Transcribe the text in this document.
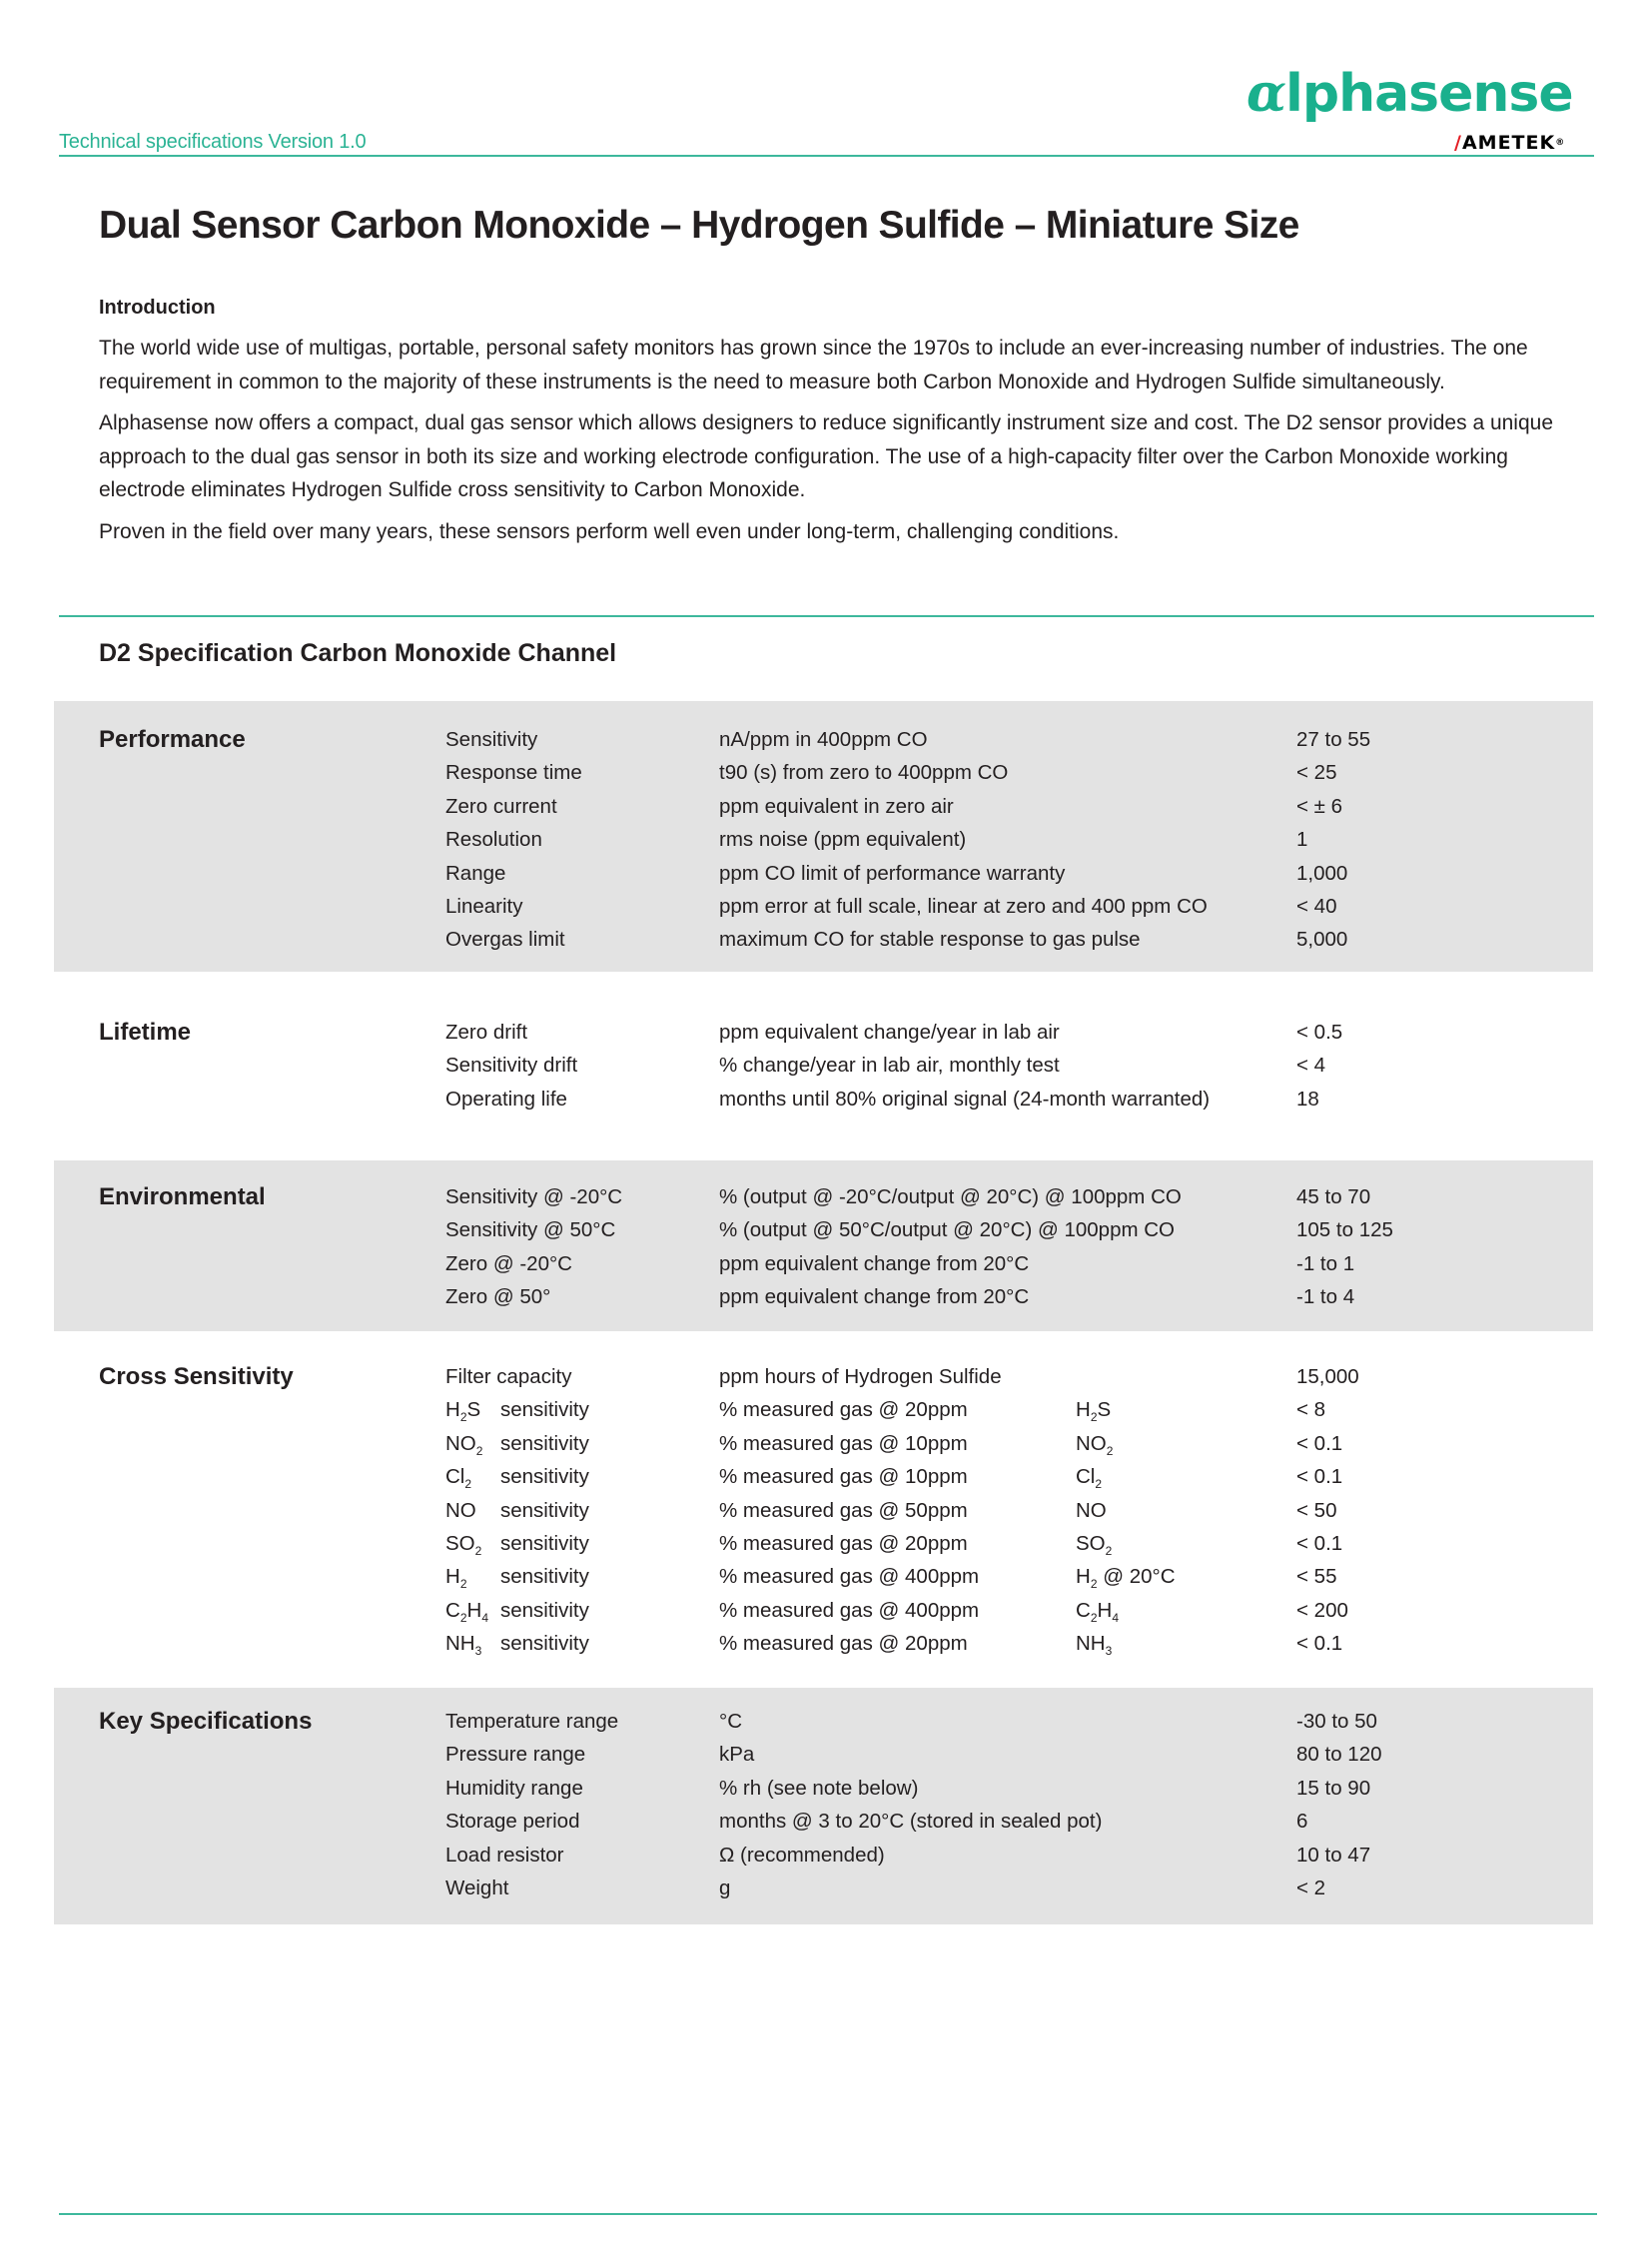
Technical specifications Version 1.0
αlphasense
/AMETEK®
Dual Sensor Carbon Monoxide – Hydrogen Sulfide – Miniature Size
Introduction

The world wide use of multigas, portable, personal safety monitors has grown since the 1970s to include an ever-increasing number of industries. The one requirement in common to the majority of these instruments is the need to measure both Carbon Monoxide and Hydrogen Sulfide simultaneously.

Alphasense now offers a compact, dual gas sensor which allows designers to reduce significantly instrument size and cost. The D2 sensor provides a unique approach to the dual gas sensor in both its size and working electrode configuration. The use of a high-capacity filter over the Carbon Monoxide working electrode eliminates Hydrogen Sulfide cross sensitivity to Carbon Monoxide.

Proven in the field over many years, these sensors perform well even under long-term, challenging conditions.

D2 Specification Carbon Monoxide Channel
Performance	Sensitivity	nA/ppm in 400ppm CO	27 to 55
Response time	t90 (s) from zero to 400ppm CO	< 25
Zero current	ppm equivalent in zero air	< ± 6
Resolution	rms noise (ppm equivalent)	1
Range	ppm CO limit of performance warranty	1,000
Linearity	ppm error at full scale, linear at zero and 400 ppm CO	< 40
Overgas limit	maximum CO for stable response to gas pulse	5,000
Lifetime	Zero drift	ppm equivalent change/year in lab air	< 0.5
Sensitivity drift	% change/year in lab air, monthly test	< 4
Operating life	months until 80% original signal (24-month warranted)	18
Environmental	Sensitivity @ -20°C	% (output @ -20°C/output @ 20°C) @ 100ppm CO	45 to 70
Sensitivity @ 50°C	% (output @ 50°C/output @ 20°C) @ 100ppm CO	105 to 125
Zero @ -20°C	ppm equivalent change from 20°C	-1 to 1
Zero @ 50°	ppm equivalent change from 20°C	-1 to 4
Cross Sensitivity	Filter capacity	ppm hours of Hydrogen Sulfide	15,000
$H_2S$ sensitivity	% measured gas @ 20ppm	$H_2S$	< 8
$NO_2$ sensitivity	% measured gas @ 10ppm	$NO_2$	< 0.1
$Cl_2$ sensitivity	% measured gas @ 10ppm	$Cl_2$	< 0.1
NO sensitivity	% measured gas @ 50ppm	NO	< 50
$SO_2$ sensitivity	% measured gas @ 20ppm	$SO_2$	< 0.1
$H_2$ sensitivity	% measured gas @ 400ppm	$H_2$ @ 20°C	< 55
$C_2H_4$ sensitivity	% measured gas @ 400ppm	$C_2H_4$	< 200
$NH_3$ sensitivity	% measured gas @ 20ppm	$NH_3$	< 0.1
Key Specifications	Temperature range	°C	-30 to 50
Pressure range	kPa	80 to 120
Humidity range	% rh (see note below)	15 to 90
Storage period	months @ 3 to 20°C (stored in sealed pot)	6
Load resistor	Ω (recommended)	10 to 47
Weight	g	< 2
